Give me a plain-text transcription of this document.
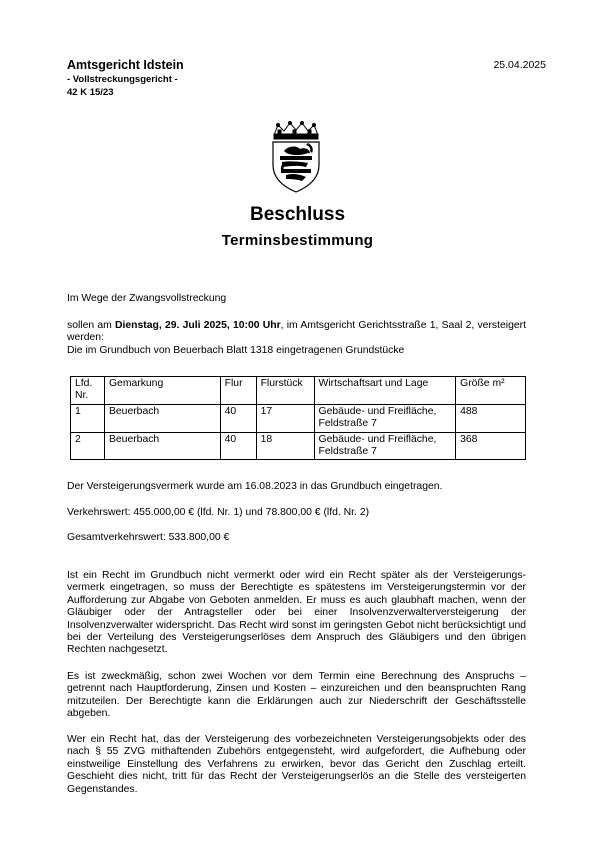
Amtsgericht Idstein
- Vollstreckungsgericht -
42 K 15/23
25.04.2025
Beschluss
Terminsbestimmung
Im Wege der Zwangsvollstreckung
sollen am Dienstag, 29. Juli 2025, 10:00 Uhr, im Amtsgericht Gerichtsstraße 1, Saal 2, versteigert werden:
Die im Grundbuch von Beuerbach Blatt 1318 eingetragenen Grundstücke
Lfd. Nr.	Gemarkung	Flur	Flurstück	Wirtschaftsart und Lage	Größe m²
1	Beuerbach	40	17	Gebäude- und Freifläche, Feldstraße 7	488
2	Beuerbach	40	18	Gebäude- und Freifläche, Feldstraße 7	368
Der Versteigerungsvermerk wurde am 16.08.2023 in das Grundbuch eingetragen.
Verkehrswert: 455.000,00 € (lfd. Nr. 1) und 78.800,00 € (lfd. Nr. 2)
Gesamtverkehrswert: 533.800,00 €
Ist ein Recht im Grundbuch nicht vermerkt oder wird ein Recht später als der Versteigerungs-vermerk eingetragen, so muss der Berechtigte es spätestens im Versteigerungstermin vor der Aufforderung zur Abgabe von Geboten anmelden. Er muss es auch glaubhaft machen, wenn der Gläubiger oder der Antragsteller oder bei einer Insolvenzverwalterversteigerung der Insolvenzverwalter widerspricht. Das Recht wird sonst im geringsten Gebot nicht berücksichtigt und bei der Verteilung des Versteigerungserlöses dem Anspruch des Gläubigers und den übrigen Rechten nachgesetzt.
Es ist zweckmäßig, schon zwei Wochen vor dem Termin eine Berechnung des Anspruchs – getrennt nach Hauptforderung, Zinsen und Kosten – einzureichen und den beanspruchten Rang mitzuteilen. Der Berechtigte kann die Erklärungen auch zur Niederschrift der Geschäftsstelle abgeben.
Wer ein Recht hat, das der Versteigerung des vorbezeichneten Versteigerungsobjekts oder des nach § 55 ZVG mithaftenden Zubehörs entgegensteht, wird aufgefordert, die Aufhebung oder einstweilige Einstellung des Verfahrens zu erwirken, bevor das Gericht den Zuschlag erteilt. Geschieht dies nicht, tritt für das Recht der Versteigerungserlös an die Stelle des versteigerten Gegenstandes.
